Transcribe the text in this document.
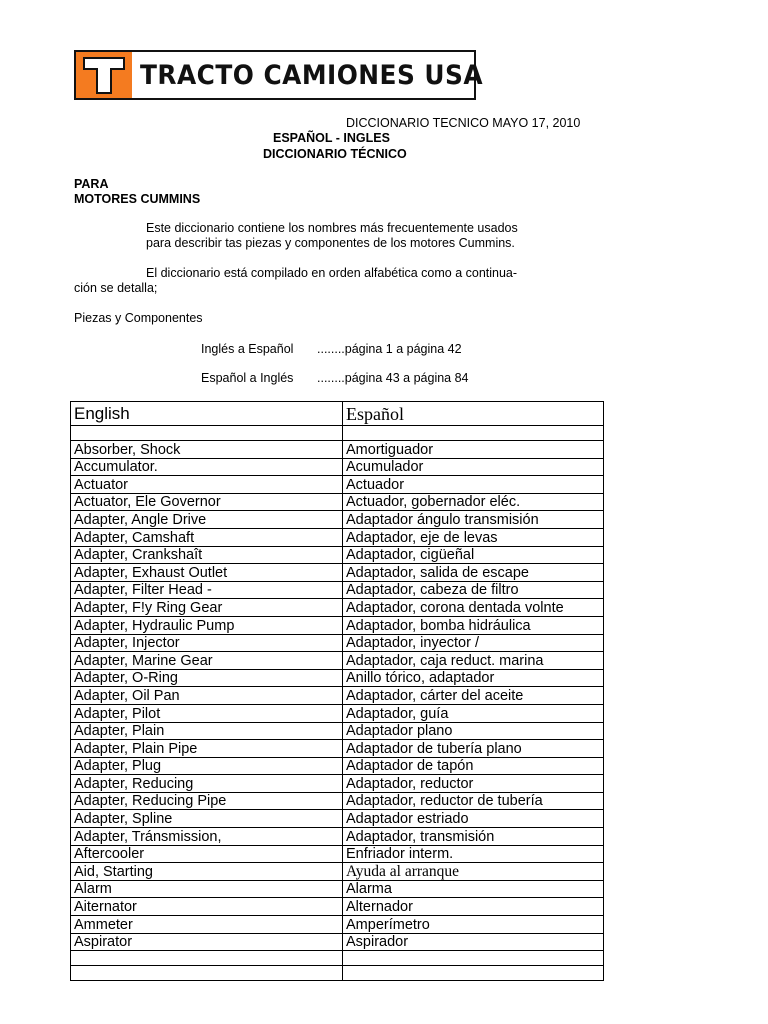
TRACTO CAMIONES USA
DICCIONARIO TECNICO MAYO 17, 2010
ESPAÑOL - INGLES
DICCIONARIO TÉCNICO
PARA
MOTORES CUMMINS
Este diccionario contiene los nombres más frecuentemente usados
para describir tas piezas y componentes de los motores Cummins.
El diccionario está compilado en orden alfabética como a continua-
ción se detalla;
Piezas y Componentes
Inglés a Español ........página 1 a página 42
Español a Inglés ........página 43 a página 84
English	Español

Absorber, Shock	Amortiguador
Accumulator.	Acumulador
Actuator	Actuador
Actuator, Ele Governor	Actuador, gobernador eléc.
Adapter, Angle Drive	Adaptador ángulo transmisión
Adapter, Camshaft	Adaptador, eje de levas
Adapter, Crankshaît	Adaptador, cigüeñal
Adapter, Exhaust Outlet	Adaptador, salida de escape
Adapter, Filter Head -	Adaptador, cabeza de filtro
Adapter, F!y Ring Gear	Adaptador, corona dentada volnte
Adapter, Hydraulic Pump	Adaptador, bomba hidráulica
Adapter, Injector	Adaptador, inyector /
Adapter, Marine Gear	Adaptador, caja reduct. marina
Adapter, O-Ring	Anillo tórico, adaptador
Adapter, Oil Pan	Adaptador, cárter del aceite
Adapter, Pilot	Adaptador, guía
Adapter, Plain	Adaptador plano
Adapter, Plain Pipe	Adaptador de tubería plano
Adapter, Plug	Adaptador de tapón
Adapter, Reducing	Adaptador, reductor
Adapter, Reducing Pipe	Adaptador, reductor de tubería
Adapter, Spline	Adaptador estriado
Adapter, Tránsmission,	Adaptador, transmisión
Aftercooler	Enfriador interm.
Aid, Starting	Ayuda al arranque
Alarm	Alarma
Aiternator	Alternador
Ammeter	Amperímetro
Aspirator	Aspirador
